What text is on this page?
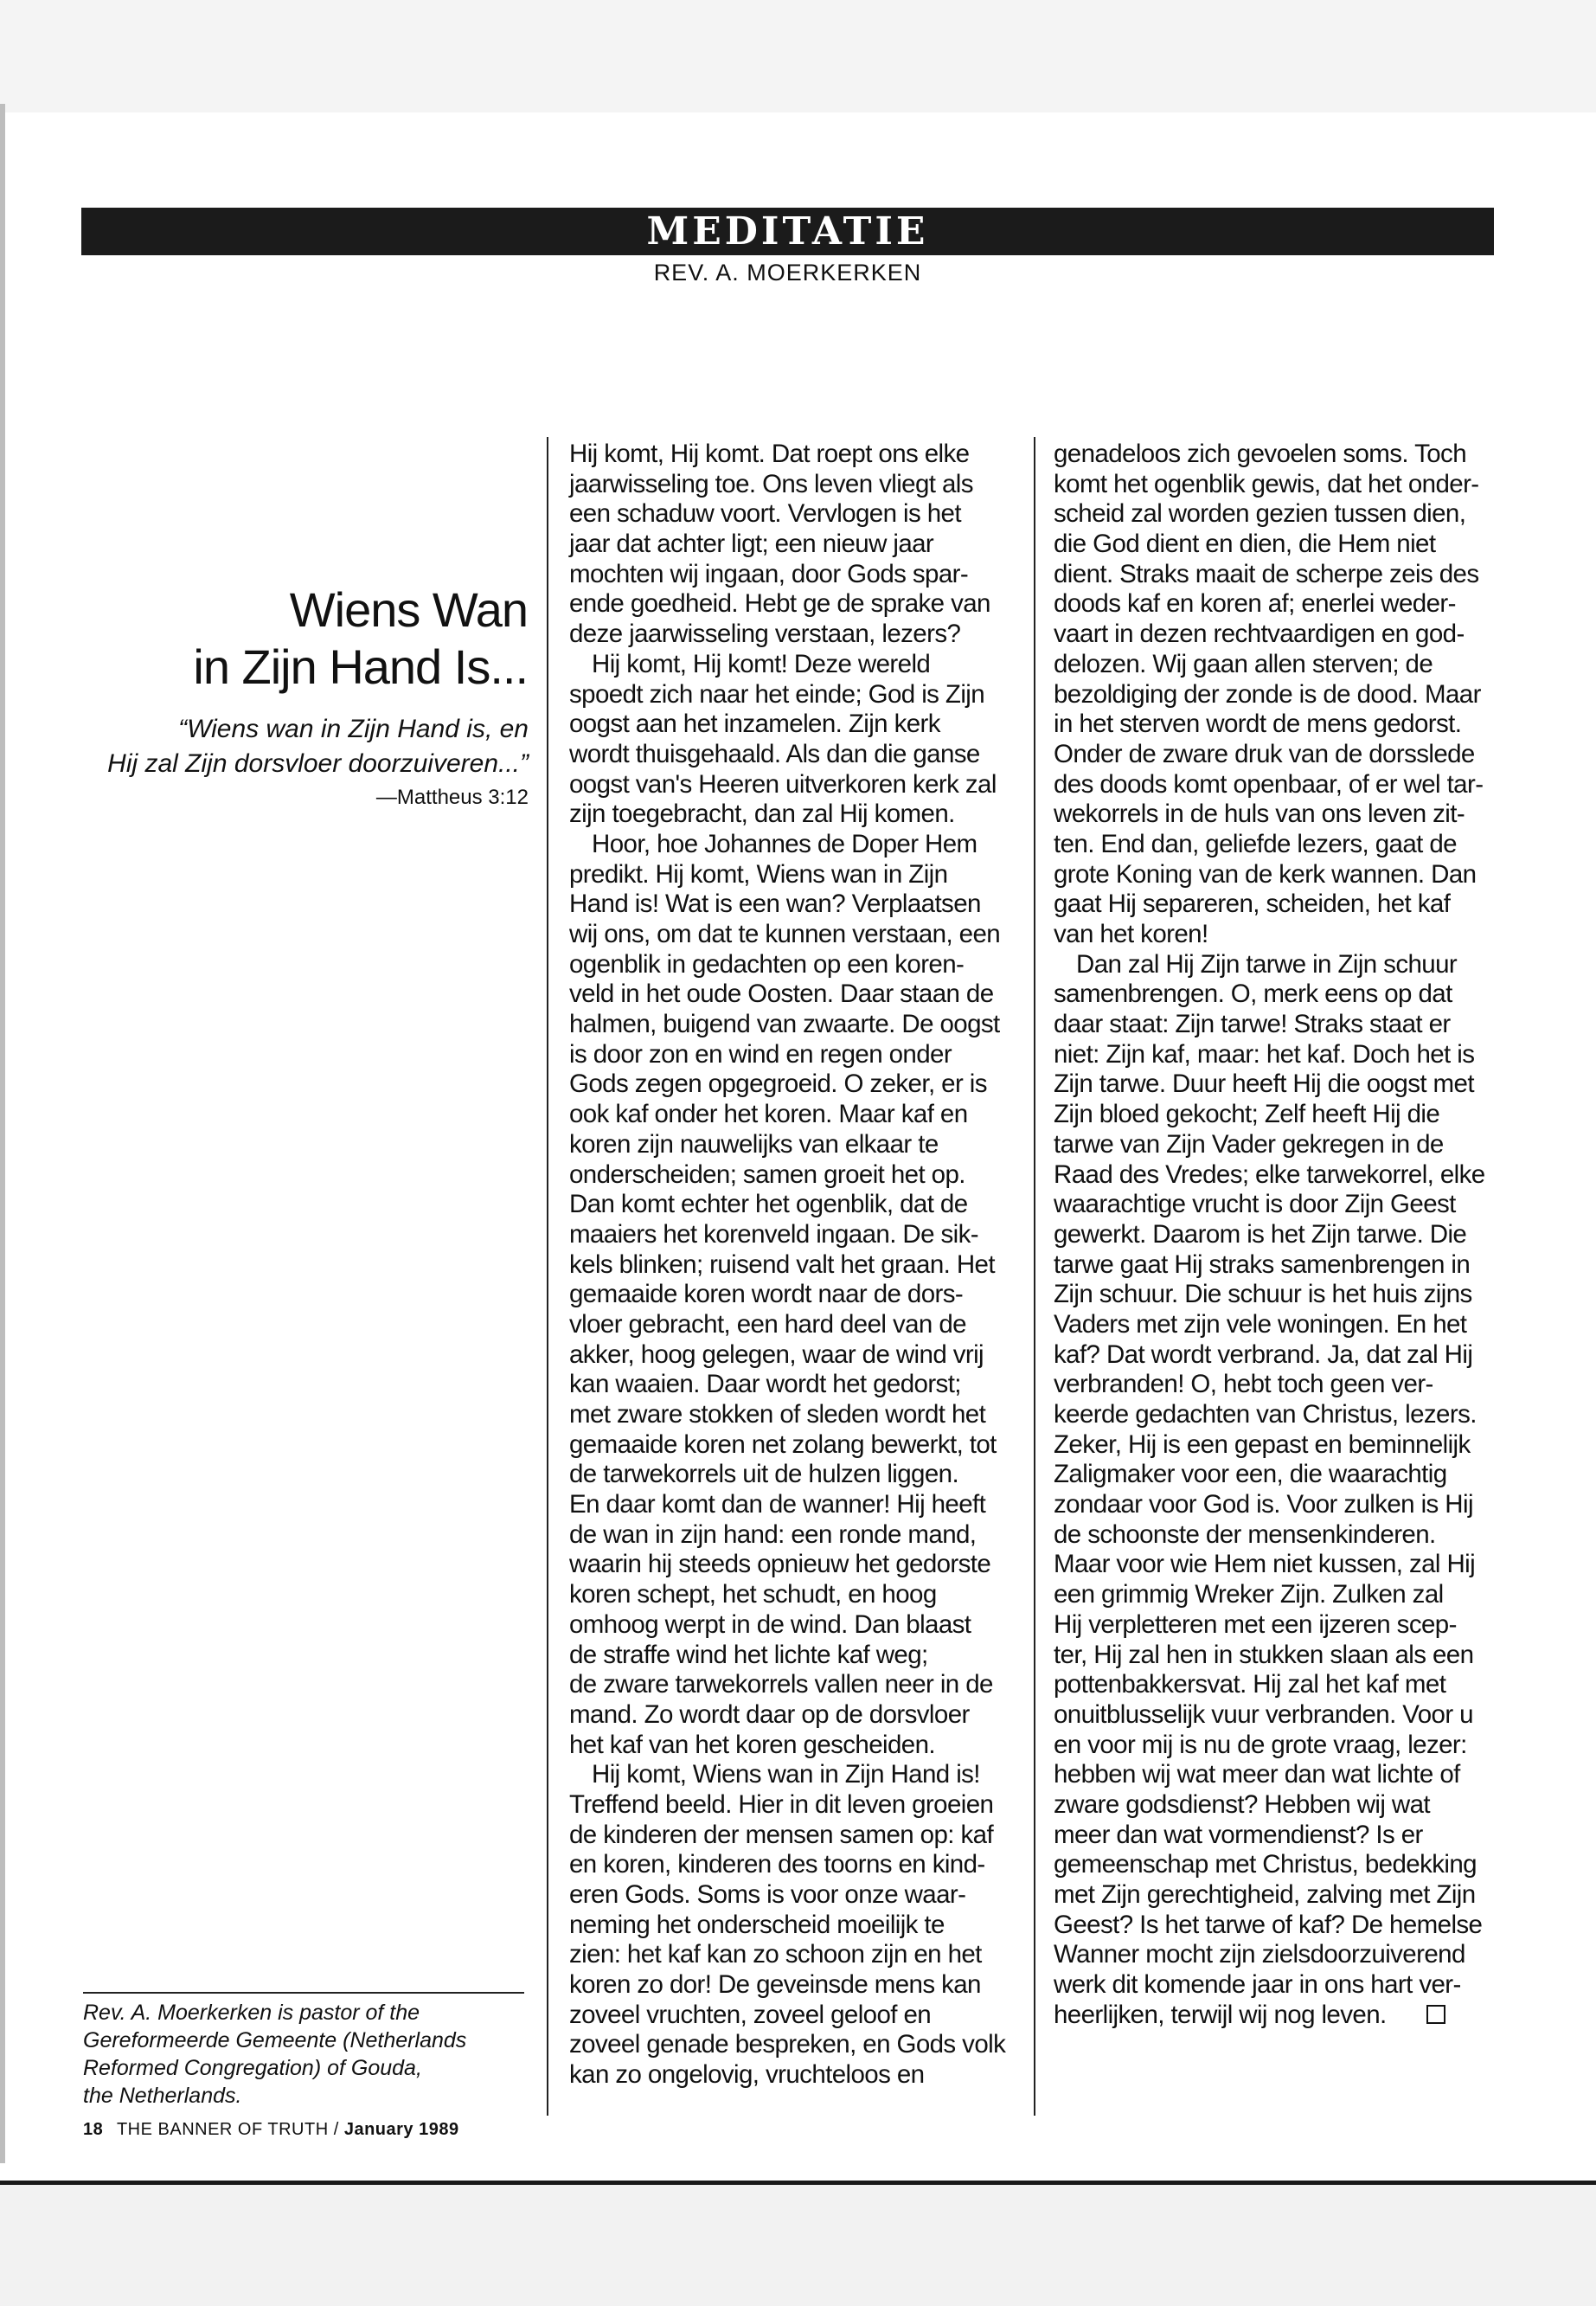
MEDITATIE
REV. A. MOERKERKEN
Wiens Wan
in Zijn Hand Is...
“Wiens wan in Zijn Hand is, en
Hij zal Zijn dorsvloer doorzuiveren...”
—Mattheus 3:12
Rev. A. Moerkerken is pastor of the
Gereformeerde Gemeente (Netherlands
Reformed Congregation) of Gouda,
the Netherlands.
18 THE BANNER OF TRUTH / January 1989
Hij komt, Hij komt. Dat roept ons elke
jaarwisseling toe. Ons leven vliegt als
een schaduw voort. Vervlogen is het
jaar dat achter ligt; een nieuw jaar
mochten wij ingaan, door Gods spar-
ende goedheid. Hebt ge de sprake van
deze jaarwisseling verstaan, lezers?
Hij komt, Hij komt! Deze wereld
spoedt zich naar het einde; God is Zijn
oogst aan het inzamelen. Zijn kerk
wordt thuisgehaald. Als dan die ganse
oogst van's Heeren uitverkoren kerk zal
zijn toegebracht, dan zal Hij komen.
Hoor, hoe Johannes de Doper Hem
predikt. Hij komt, Wiens wan in Zijn
Hand is! Wat is een wan? Verplaatsen
wij ons, om dat te kunnen verstaan, een
ogenblik in gedachten op een koren-
veld in het oude Oosten. Daar staan de
halmen, buigend van zwaarte. De oogst
is door zon en wind en regen onder
Gods zegen opgegroeid. O zeker, er is
ook kaf onder het koren. Maar kaf en
koren zijn nauwelijks van elkaar te
onderscheiden; samen groeit het op.
Dan komt echter het ogenblik, dat de
maaiers het korenveld ingaan. De sik-
kels blinken; ruisend valt het graan. Het
gemaaide koren wordt naar de dors-
vloer gebracht, een hard deel van de
akker, hoog gelegen, waar de wind vrij
kan waaien. Daar wordt het gedorst;
met zware stokken of sleden wordt het
gemaaide koren net zolang bewerkt, tot
de tarwekorrels uit de hulzen liggen.
En daar komt dan de wanner! Hij heeft
de wan in zijn hand: een ronde mand,
waarin hij steeds opnieuw het gedorste
koren schept, het schudt, en hoog
omhoog werpt in de wind. Dan blaast
de straffe wind het lichte kaf weg;
de zware tarwekorrels vallen neer in de
mand. Zo wordt daar op de dorsvloer
het kaf van het koren gescheiden.
Hij komt, Wiens wan in Zijn Hand is!
Treffend beeld. Hier in dit leven groeien
de kinderen der mensen samen op: kaf
en koren, kinderen des toorns en kind-
eren Gods. Soms is voor onze waar-
neming het onderscheid moeilijk te
zien: het kaf kan zo schoon zijn en het
koren zo dor! De geveinsde mens kan
zoveel vruchten, zoveel geloof en
zoveel genade bespreken, en Gods volk
kan zo ongelovig, vruchteloos en
genadeloos zich gevoelen soms. Toch
komt het ogenblik gewis, dat het onder-
scheid zal worden gezien tussen dien,
die God dient en dien, die Hem niet
dient. Straks maait de scherpe zeis des
doods kaf en koren af; enerlei weder-
vaart in dezen rechtvaardigen en god-
delozen. Wij gaan allen sterven; de
bezoldiging der zonde is de dood. Maar
in het sterven wordt de mens gedorst.
Onder de zware druk van de dorsslede
des doods komt openbaar, of er wel tar-
wekorrels in de huls van ons leven zit-
ten. End dan, geliefde lezers, gaat de
grote Koning van de kerk wannen. Dan
gaat Hij separeren, scheiden, het kaf
van het koren!
Dan zal Hij Zijn tarwe in Zijn schuur
samenbrengen. O, merk eens op dat
daar staat: Zijn tarwe! Straks staat er
niet: Zijn kaf, maar: het kaf. Doch het is
Zijn tarwe. Duur heeft Hij die oogst met
Zijn bloed gekocht; Zelf heeft Hij die
tarwe van Zijn Vader gekregen in de
Raad des Vredes; elke tarwekorrel, elke
waarachtige vrucht is door Zijn Geest
gewerkt. Daarom is het Zijn tarwe. Die
tarwe gaat Hij straks samenbrengen in
Zijn schuur. Die schuur is het huis zijns
Vaders met zijn vele woningen. En het
kaf? Dat wordt verbrand. Ja, dat zal Hij
verbranden! O, hebt toch geen ver-
keerde gedachten van Christus, lezers.
Zeker, Hij is een gepast en beminnelijk
Zaligmaker voor een, die waarachtig
zondaar voor God is. Voor zulken is Hij
de schoonste der mensenkinderen.
Maar voor wie Hem niet kussen, zal Hij
een grimmig Wreker Zijn. Zulken zal
Hij verpletteren met een ijzeren scep-
ter, Hij zal hen in stukken slaan als een
pottenbakkersvat. Hij zal het kaf met
onuitblusselijk vuur verbranden. Voor u
en voor mij is nu de grote vraag, lezer:
hebben wij wat meer dan wat lichte of
zware godsdienst? Hebben wij wat
meer dan wat vormendienst? Is er
gemeenschap met Christus, bedekking
met Zijn gerechtigheid, zalving met Zijn
Geest? Is het tarwe of kaf? De hemelse
Wanner mocht zijn zielsdoorzuiverend
werk dit komende jaar in ons hart ver-
heerlijken, terwijl wij nog leven.
